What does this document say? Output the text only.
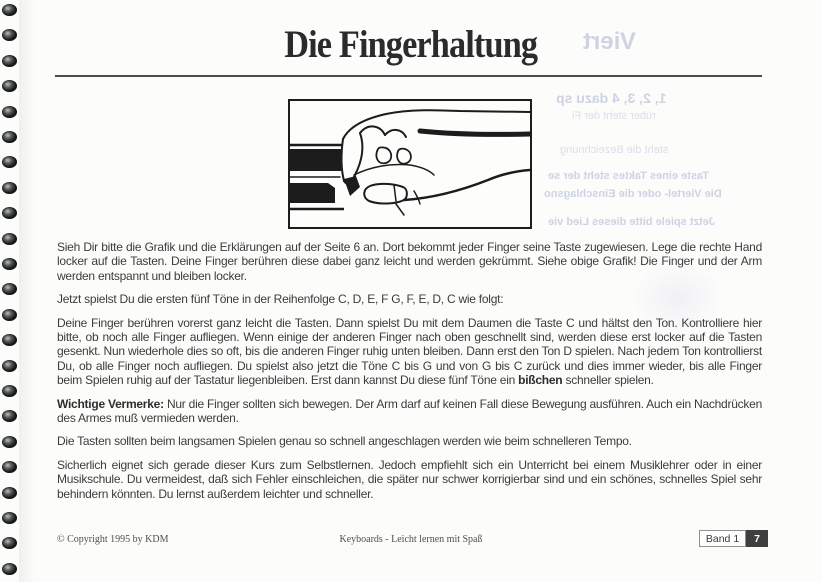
Die Fingerhaltung	Viert
1, 2, 3, 4 dazu sp
rüber steht der Fi
steht die Bezeichnung
Taste eines Taktes steht der se
Die Viertel- oder die Einschlagsno
Jetzt spiele bitte dieses Lied vie

Sieh Dir bitte die Grafik und die Erklärungen auf der Seite 6 an. Dort bekommt jeder Finger seine Taste zugewiesen. Lege die rechte Hand locker auf die Tasten. Deine Finger berühren diese dabei ganz leicht und werden gekrümmt. Siehe obige Grafik! Die Finger und der Arm werden entspannt und bleiben locker.

Jetzt spielst Du die ersten fünf Töne in der Reihenfolge C, D, E, F G, F, E, D, C wie folgt:

Deine Finger berühren vorerst ganz leicht die Tasten. Dann spielst Du mit dem Daumen die Taste C und hältst den Ton. Kontrolliere hier bitte, ob noch alle Finger aufliegen. Wenn einige der anderen Finger nach oben geschnellt sind, werden diese erst locker auf die Tasten gesenkt. Nun wiederhole dies so oft, bis die anderen Finger ruhig unten bleiben. Dann erst den Ton D spielen. Nach jedem Ton kontrollierst Du, ob alle Finger noch aufliegen. Du spielst also jetzt die Töne C bis G und von G bis C zurück und dies immer wieder, bis alle Finger beim Spielen ruhig auf der Tastatur liegenbleiben. Erst dann kannst Du diese fünf Töne ein bißchen schneller spielen.

Wichtige Vermerke: Nur die Finger sollten sich bewegen. Der Arm darf auf keinen Fall diese Bewegung ausführen. Auch ein Nachdrücken des Armes muß vermieden werden.

Die Tasten sollten beim langsamen Spielen genau so schnell angeschlagen werden wie beim schnelleren Tempo.

Sicherlich eignet sich gerade dieser Kurs zum Selbstlernen. Jedoch empfiehlt sich ein Unterricht bei einem Musiklehrer oder in einer Musikschule. Du vermeidest, daß sich Fehler einschleichen, die später nur schwer korrigierbar sind und ein schönes, schnelles Spiel sehr behindern könnten. Du lernst außerdem leichter und schneller.

© Copyright 1995 by KDM	Keyboards - Leicht lernen mit Spaß	Band 1	7
